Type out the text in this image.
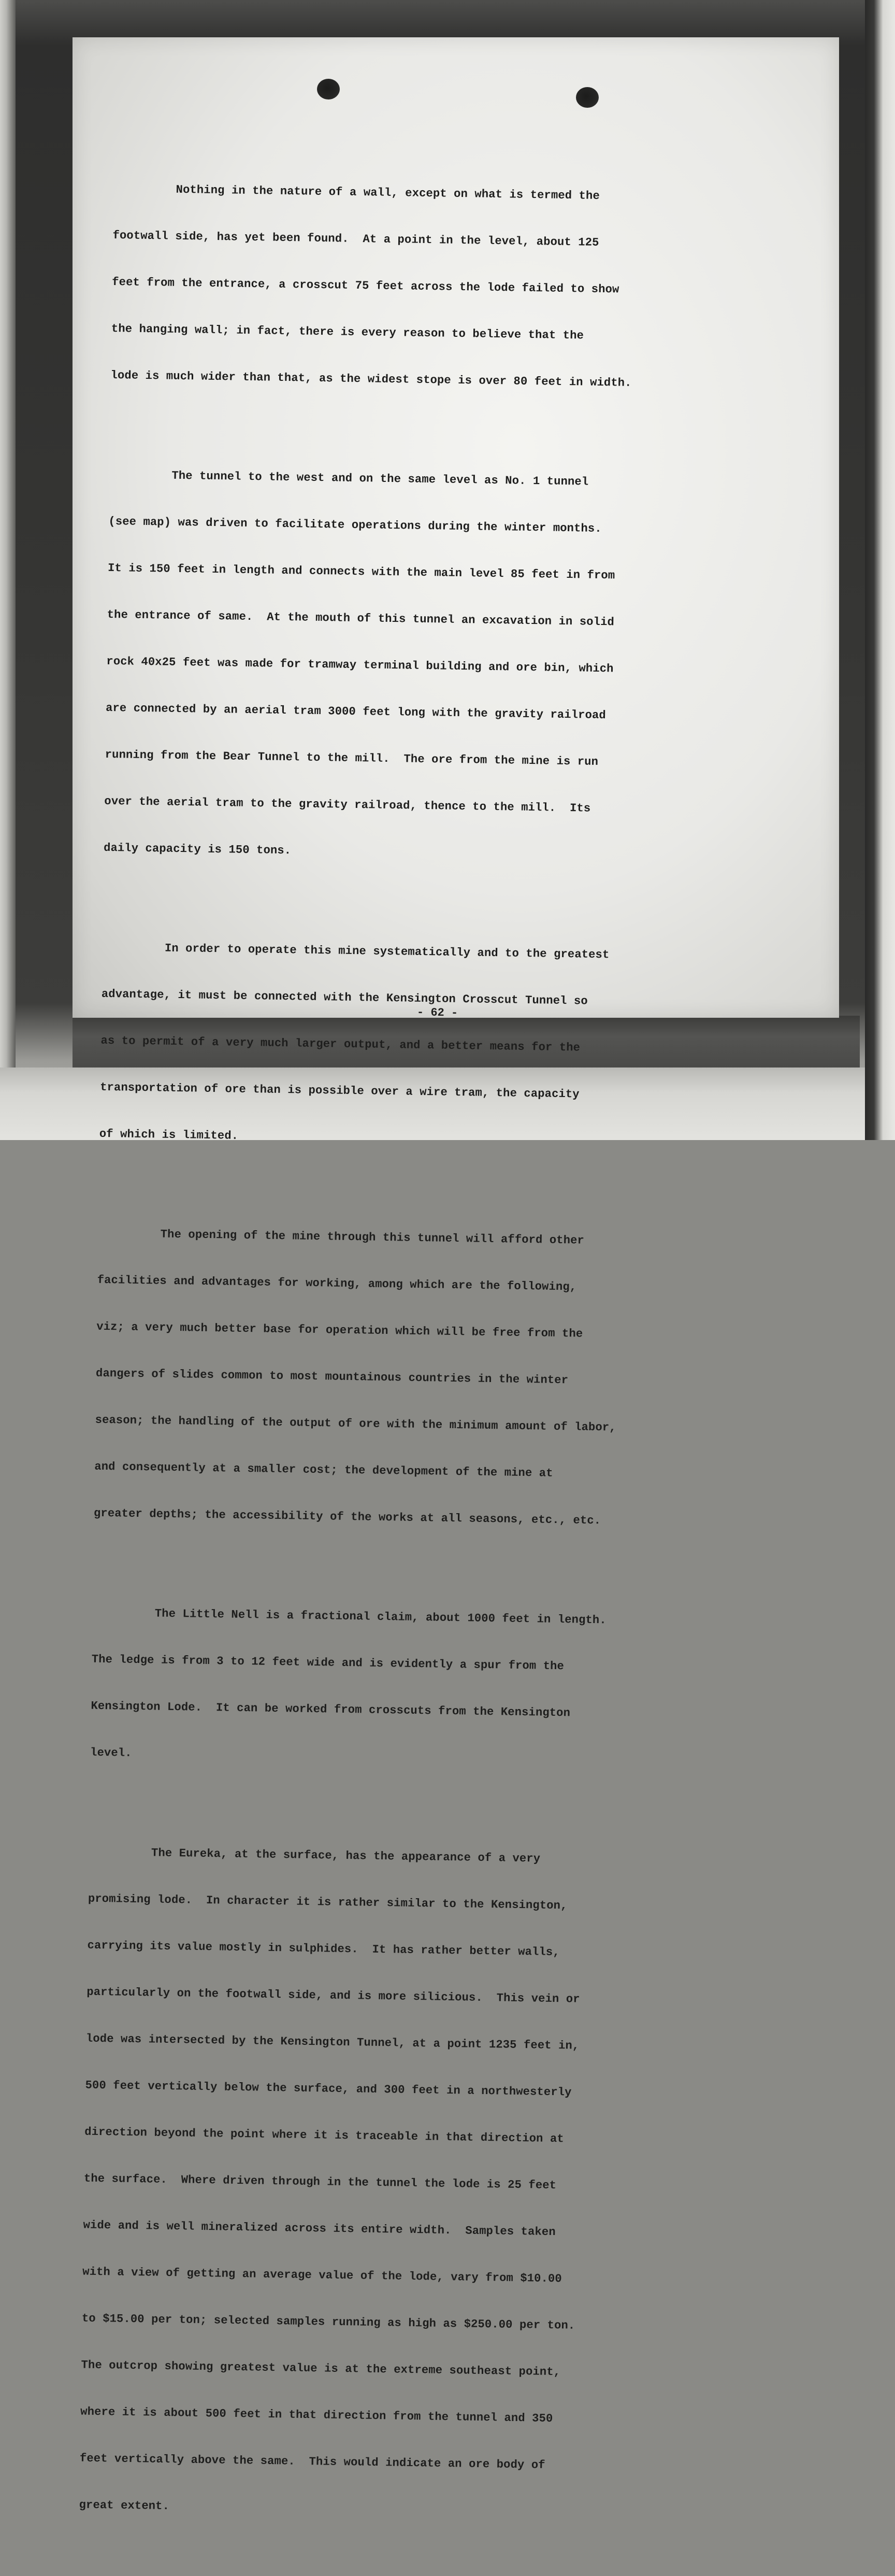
Nothing in the nature of a wall, except on what is termed the

footwall side, has yet been found.  At a point in the level, about 125

feet from the entrance, a crosscut 75 feet across the lode failed to show

the hanging wall; in fact, there is every reason to believe that the

lode is much wider than that, as the widest stope is over 80 feet in width.

The tunnel to the west and on the same level as No. 1 tunnel

(see map) was driven to facilitate operations during the winter months.

It is 150 feet in length and connects with the main level 85 feet in from

the entrance of same.  At the mouth of this tunnel an excavation in solid

rock 40x25 feet was made for tramway terminal building and ore bin, which

are connected by an aerial tram 3000 feet long with the gravity railroad

running from the Bear Tunnel to the mill.  The ore from the mine is run

over the aerial tram to the gravity railroad, thence to the mill.  Its

daily capacity is 150 tons.

In order to operate this mine systematically and to the greatest

advantage, it must be connected with the Kensington Crosscut Tunnel so

as to permit of a very much larger output, and a better means for the

transportation of ore than is possible over a wire tram, the capacity

of which is limited.

The opening of the mine through this tunnel will afford other

facilities and advantages for working, among which are the following,

viz; a very much better base for operation which will be free from the

dangers of slides common to most mountainous countries in the winter

season; the handling of the output of ore with the minimum amount of labor,

and consequently at a smaller cost; the development of the mine at

greater depths; the accessibility of the works at all seasons, etc., etc.

The Little Nell is a fractional claim, about 1000 feet in length.

The ledge is from 3 to 12 feet wide and is evidently a spur from the

Kensington Lode.  It can be worked from crosscuts from the Kensington

level.

The Eureka, at the surface, has the appearance of a very

promising lode.  In character it is rather similar to the Kensington,

carrying its value mostly in sulphides.  It has rather better walls,

particularly on the footwall side, and is more silicious.  This vein or

lode was intersected by the Kensington Tunnel, at a point 1235 feet in,

500 feet vertically below the surface, and 300 feet in a northwesterly

direction beyond the point where it is traceable in that direction at

the surface.  Where driven through in the tunnel the lode is 25 feet

wide and is well mineralized across its entire width.  Samples taken

with a view of getting an average value of the lode, vary from $10.00

to $15.00 per ton; selected samples running as high as $250.00 per ton.

The outcrop showing greatest value is at the extreme southeast point,

where it is about 500 feet in that direction from the tunnel and 350

feet vertically above the same.  This would indicate an ore body of

great extent.

- 62 -
